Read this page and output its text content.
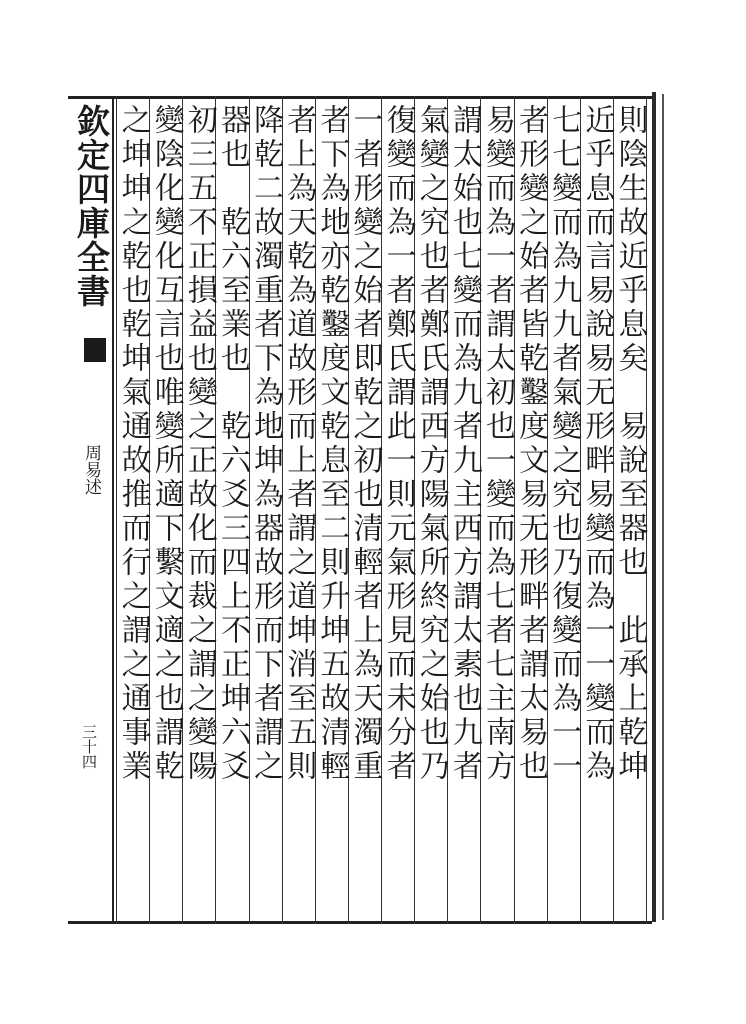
欽定四庫全書
周易述
三十四	則陰生故近乎息矣　易說至器也　此承上乾坤
近乎息而言易說易无形畔易變而為一一變而為
七七變而為九九者氣變之究也乃復變而為一一
者形變之始者皆乾鑿度文易无形畔者謂太易也
易變而為一者謂太初也一變而為七者七主南方
謂太始也七變而為九者九主西方謂太素也九者
氣變之究也者鄭氏謂西方陽氣所終究之始也乃
復變而為一者鄭氏謂此一則元氣形見而未分者
一者形變之始者即乾之初也清輕者上為天濁重
者下為地亦乾鑿度文乾息至二則升坤五故清輕
者上為天乾為道故形而上者謂之道坤消至五則
降乾二故濁重者下為地坤為器故形而下者謂之
器也　乾六至業也　乾六爻三四上不正坤六爻
初三五不正損益也變之正故化而裁之謂之變陽
變陰化變化互言也唯變所適下繫文適之也謂乾
之坤坤之乾也乾坤氣通故推而行之謂之通事業
